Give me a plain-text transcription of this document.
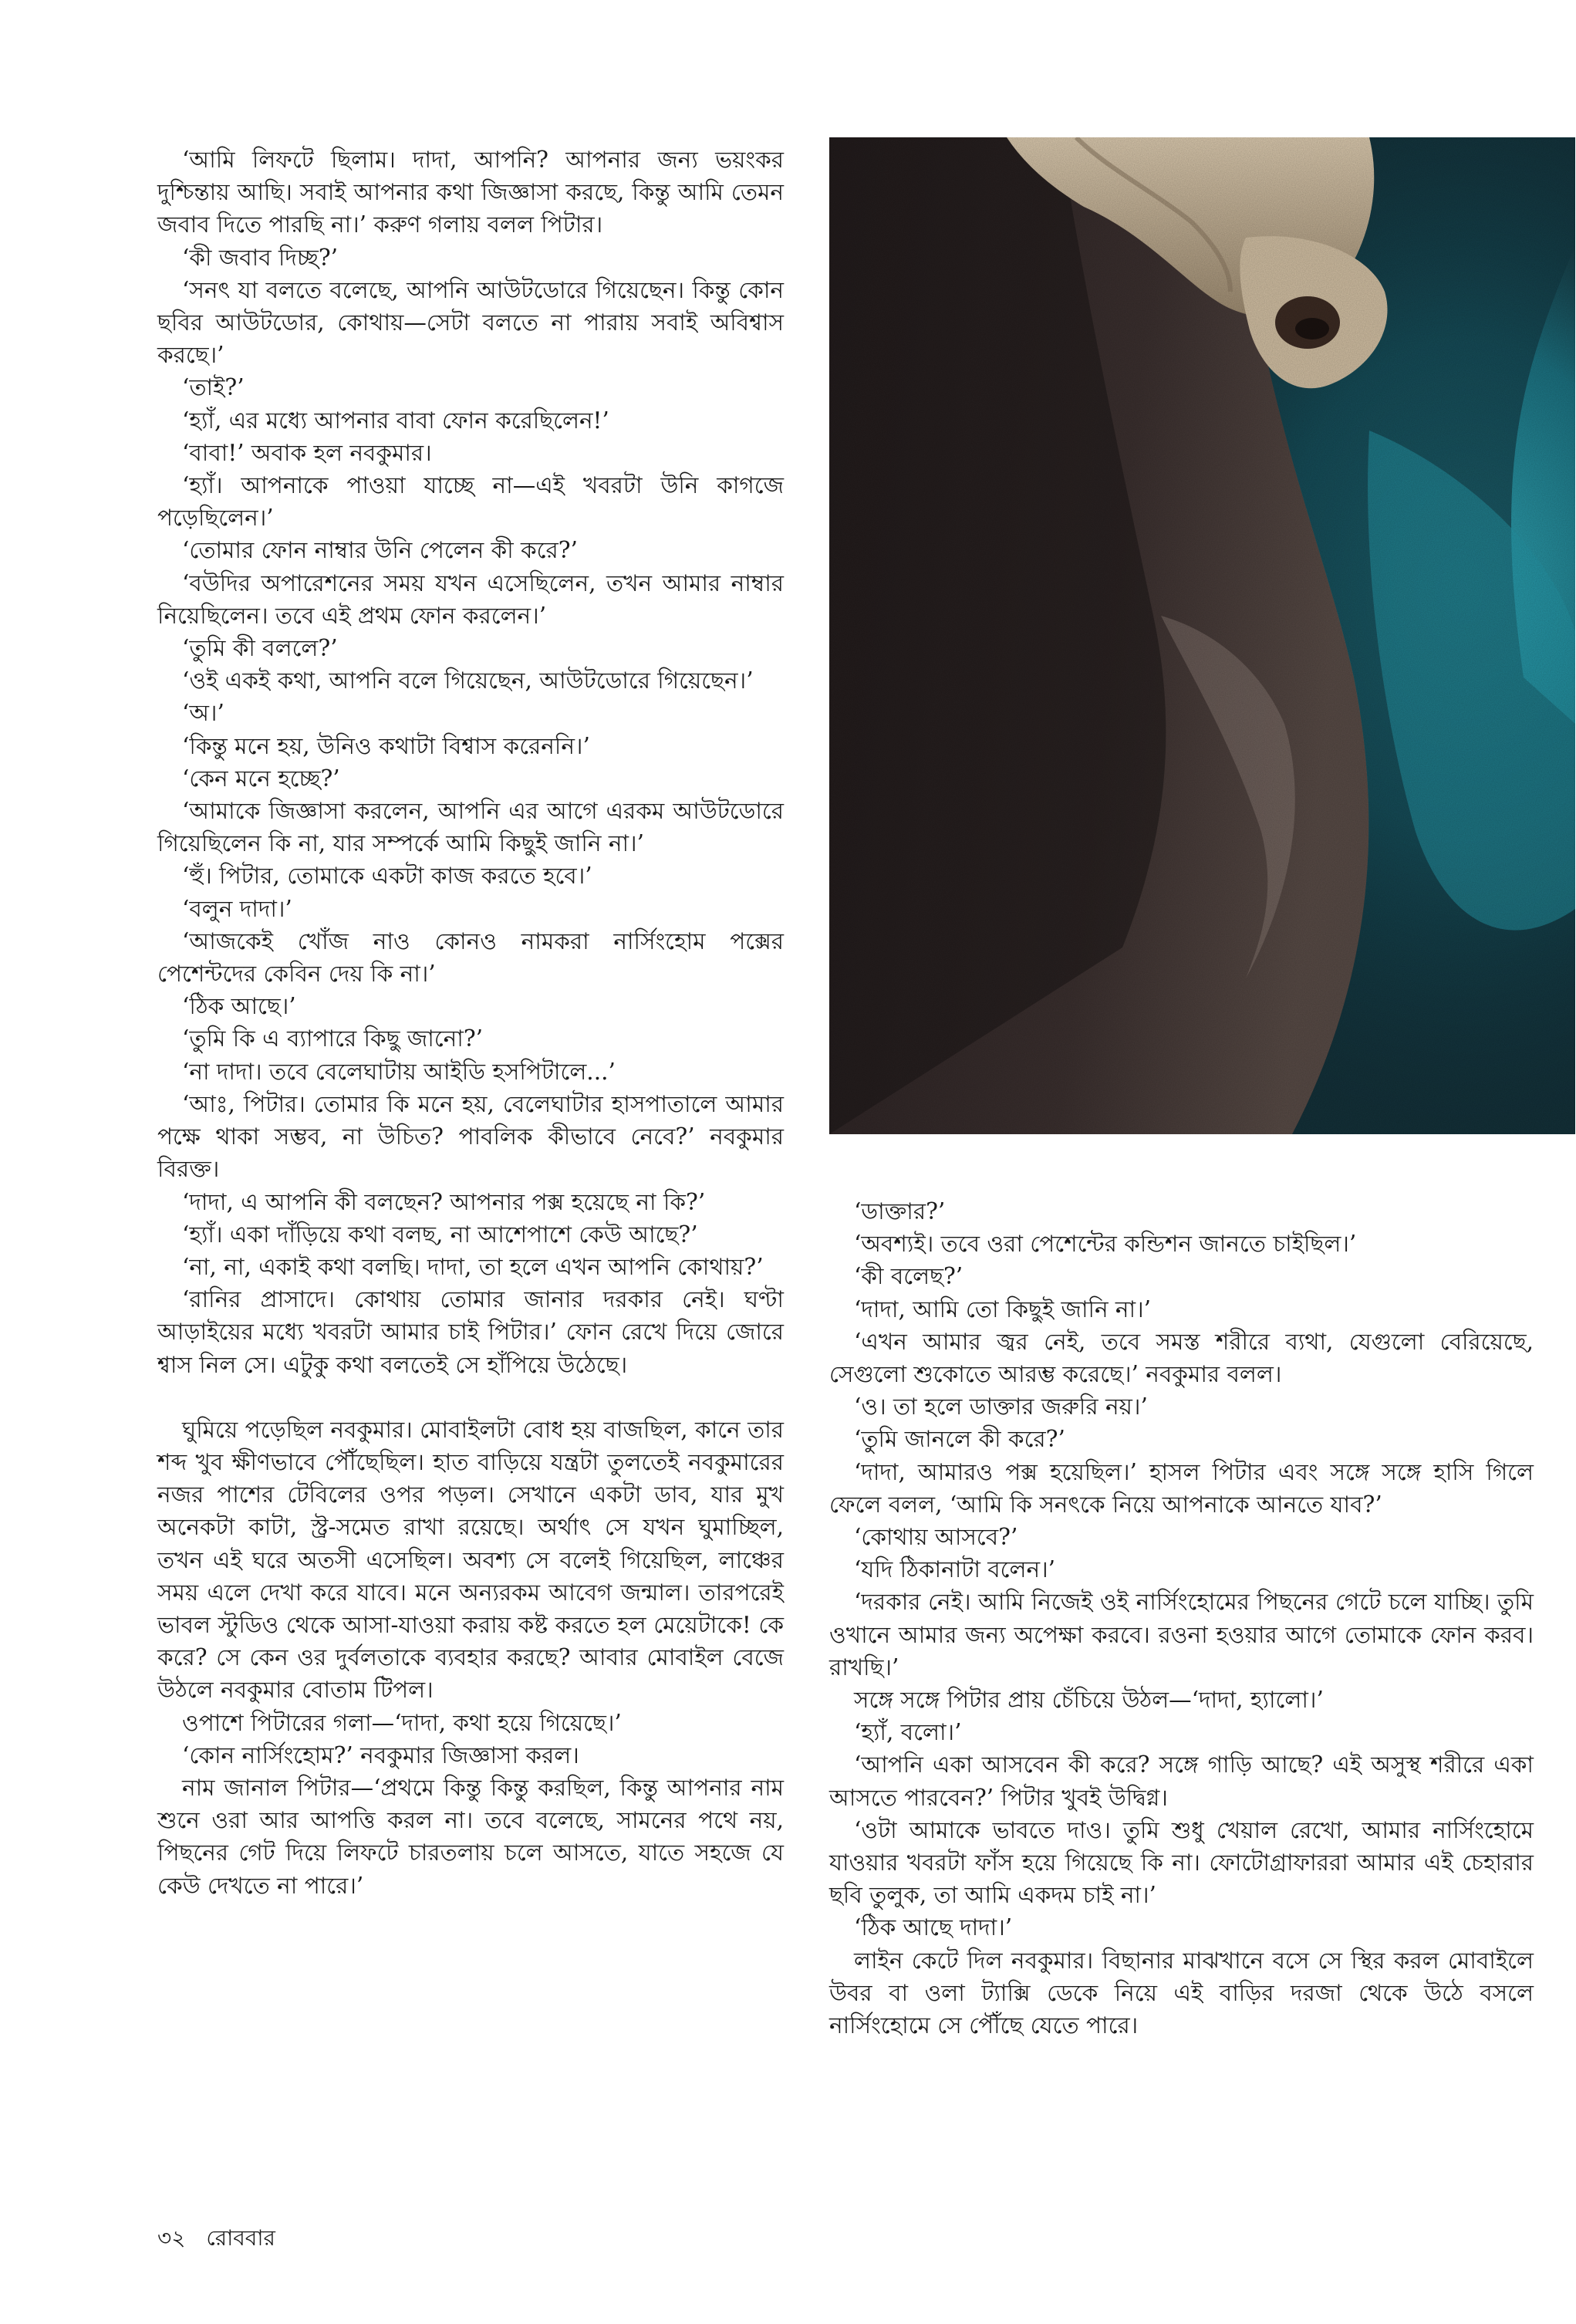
‘আমি লিফটে ছিলাম। দাদা, আপনি? আপনার জন্য ভয়ংকর দুশ্চিন্তায় আছি। সবাই আপনার কথা জিজ্ঞাসা করছে, কিন্তু আমি তেমন জবাব দিতে পারছি না।’ করুণ গলায় বলল পিটার।

‘কী জবাব দিচ্ছ?’

‘সনৎ যা বলতে বলেছে, আপনি আউটডোরে গিয়েছেন। কিন্তু কোন ছবির আউটডোর, কোথায়—সেটা বলতে না পারায় সবাই অবিশ্বাস করছে।’

‘তাই?’

‘হ্যাঁ, এর মধ্যে আপনার বাবা ফোন করেছিলেন!’

‘বাবা!’ অবাক হল নবকুমার।

‘হ্যাঁ। আপনাকে পাওয়া যাচ্ছে না—এই খবরটা উনি কাগজে পড়েছিলেন।’

‘তোমার ফোন নাম্বার উনি পেলেন কী করে?’

‘বউদির অপারেশনের সময় যখন এসেছিলেন, তখন আমার নাম্বার নিয়েছিলেন। তবে এই প্রথম ফোন করলেন।’

‘তুমি কী বললে?’

‘ওই একই কথা, আপনি বলে গিয়েছেন, আউটডোরে গিয়েছেন।’

‘অ।’

‘কিন্তু মনে হয়, উনিও কথাটা বিশ্বাস করেননি।’

‘কেন মনে হচ্ছে?’

‘আমাকে জিজ্ঞাসা করলেন, আপনি এর আগে এরকম আউটডোরে গিয়েছিলেন কি না, যার সম্পর্কে আমি কিছুই জানি না।’

‘হুঁ। পিটার, তোমাকে একটা কাজ করতে হবে।’

‘বলুন দাদা।’

‘আজকেই খোঁজ নাও কোনও নামকরা নার্সিংহোম পক্সের পেশেন্টদের কেবিন দেয় কি না।’

‘ঠিক আছে।’

‘তুমি কি এ ব্যাপারে কিছু জানো?’

‘না দাদা। তবে বেলেঘাটায় আইডি হসপিটালে...’

‘আঃ, পিটার। তোমার কি মনে হয়, বেলেঘাটার হাসপাতালে আমার পক্ষে থাকা সম্ভব, না উচিত? পাবলিক কীভাবে নেবে?’ নবকুমার বিরক্ত।

‘দাদা, এ আপনি কী বলছেন? আপনার পক্স হয়েছে না কি?’

‘হ্যাঁ। একা দাঁড়িয়ে কথা বলছ, না আশেপাশে কেউ আছে?’

‘না, না, একাই কথা বলছি। দাদা, তা হলে এখন আপনি কোথায়?’

‘রানির প্রাসাদে। কোথায় তোমার জানার দরকার নেই। ঘণ্টা আড়াইয়ের মধ্যে খবরটা আমার চাই পিটার।’ ফোন রেখে দিয়ে জোরে শ্বাস নিল সে। এটুকু কথা বলতেই সে হাঁপিয়ে উঠেছে।

ঘুমিয়ে পড়েছিল নবকুমার। মোবাইলটা বোধ হয় বাজছিল, কানে তার শব্দ খুব ক্ষীণভাবে পৌঁছেছিল। হাত বাড়িয়ে যন্ত্রটা তুলতেই নবকুমারের নজর পাশের টেবিলের ওপর পড়ল। সেখানে একটা ডাব, যার মুখ অনেকটা কাটা, স্ট্র-সমেত রাখা রয়েছে। অর্থাৎ সে যখন ঘুমাচ্ছিল, তখন এই ঘরে অতসী এসেছিল। অবশ্য সে বলেই গিয়েছিল, লাঞ্চের সময় এলে দেখা করে যাবে। মনে অন্যরকম আবেগ জন্মাল। তারপরেই ভাবল স্টুডিও থেকে আসা-যাওয়া করায় কষ্ট করতে হল মেয়েটাকে! কে করে? সে কেন ওর দুর্বলতাকে ব্যবহার করছে? আবার মোবাইল বেজে উঠলে নবকুমার বোতাম টিপল।

ওপাশে পিটারের গলা—‘দাদা, কথা হয়ে গিয়েছে।’

‘কোন নার্সিংহোম?’ নবকুমার জিজ্ঞাসা করল।

নাম জানাল পিটার—‘প্রথমে কিন্তু কিন্তু করছিল, কিন্তু আপনার নাম শুনে ওরা আর আপত্তি করল না। তবে বলেছে, সামনের পথে নয়, পিছনের গেট দিয়ে লিফটে চারতলায় চলে আসতে, যাতে সহজে যে কেউ দেখতে না পারে।’

‘ডাক্তার?’

‘অবশ্যই। তবে ওরা পেশেন্টের কন্ডিশন জানতে চাইছিল।’

‘কী বলেছ?’

‘দাদা, আমি তো কিছুই জানি না।’

‘এখন আমার জ্বর নেই, তবে সমস্ত শরীরে ব্যথা, যেগুলো বেরিয়েছে, সেগুলো শুকোতে আরম্ভ করেছে।’ নবকুমার বলল।

‘ও। তা হলে ডাক্তার জরুরি নয়।’

‘তুমি জানলে কী করে?’

‘দাদা, আমারও পক্স হয়েছিল।’ হাসল পিটার এবং সঙ্গে সঙ্গে হাসি গিলে ফেলে বলল, ‘আমি কি সনৎকে নিয়ে আপনাকে আনতে যাব?’

‘কোথায় আসবে?’

‘যদি ঠিকানাটা বলেন।’

‘দরকার নেই। আমি নিজেই ওই নার্সিংহোমের পিছনের গেটে চলে যাচ্ছি। তুমি ওখানে আমার জন্য অপেক্ষা করবে। রওনা হওয়ার আগে তোমাকে ফোন করব। রাখছি।’

সঙ্গে সঙ্গে পিটার প্রায় চেঁচিয়ে উঠল—‘দাদা, হ্যালো।’

‘হ্যাঁ, বলো।’

‘আপনি একা আসবেন কী করে? সঙ্গে গাড়ি আছে? এই অসুস্থ শরীরে একা আসতে পারবেন?’ পিটার খুবই উদ্বিগ্ন।

‘ওটা আমাকে ভাবতে দাও। তুমি শুধু খেয়াল রেখো, আমার নার্সিংহোমে যাওয়ার খবরটা ফাঁস হয়ে গিয়েছে কি না। ফোটোগ্রাফাররা আমার এই চেহারার ছবি তুলুক, তা আমি একদম চাই না।’

‘ঠিক আছে দাদা।’

লাইন কেটে দিল নবকুমার। বিছানার মাঝখানে বসে সে স্থির করল মোবাইলে উবর বা ওলা ট্যাক্সি ডেকে নিয়ে এই বাড়ির দরজা থেকে উঠে বসলে নার্সিংহোমে সে পৌঁছে যেতে পারে।

৩২ রোববার
